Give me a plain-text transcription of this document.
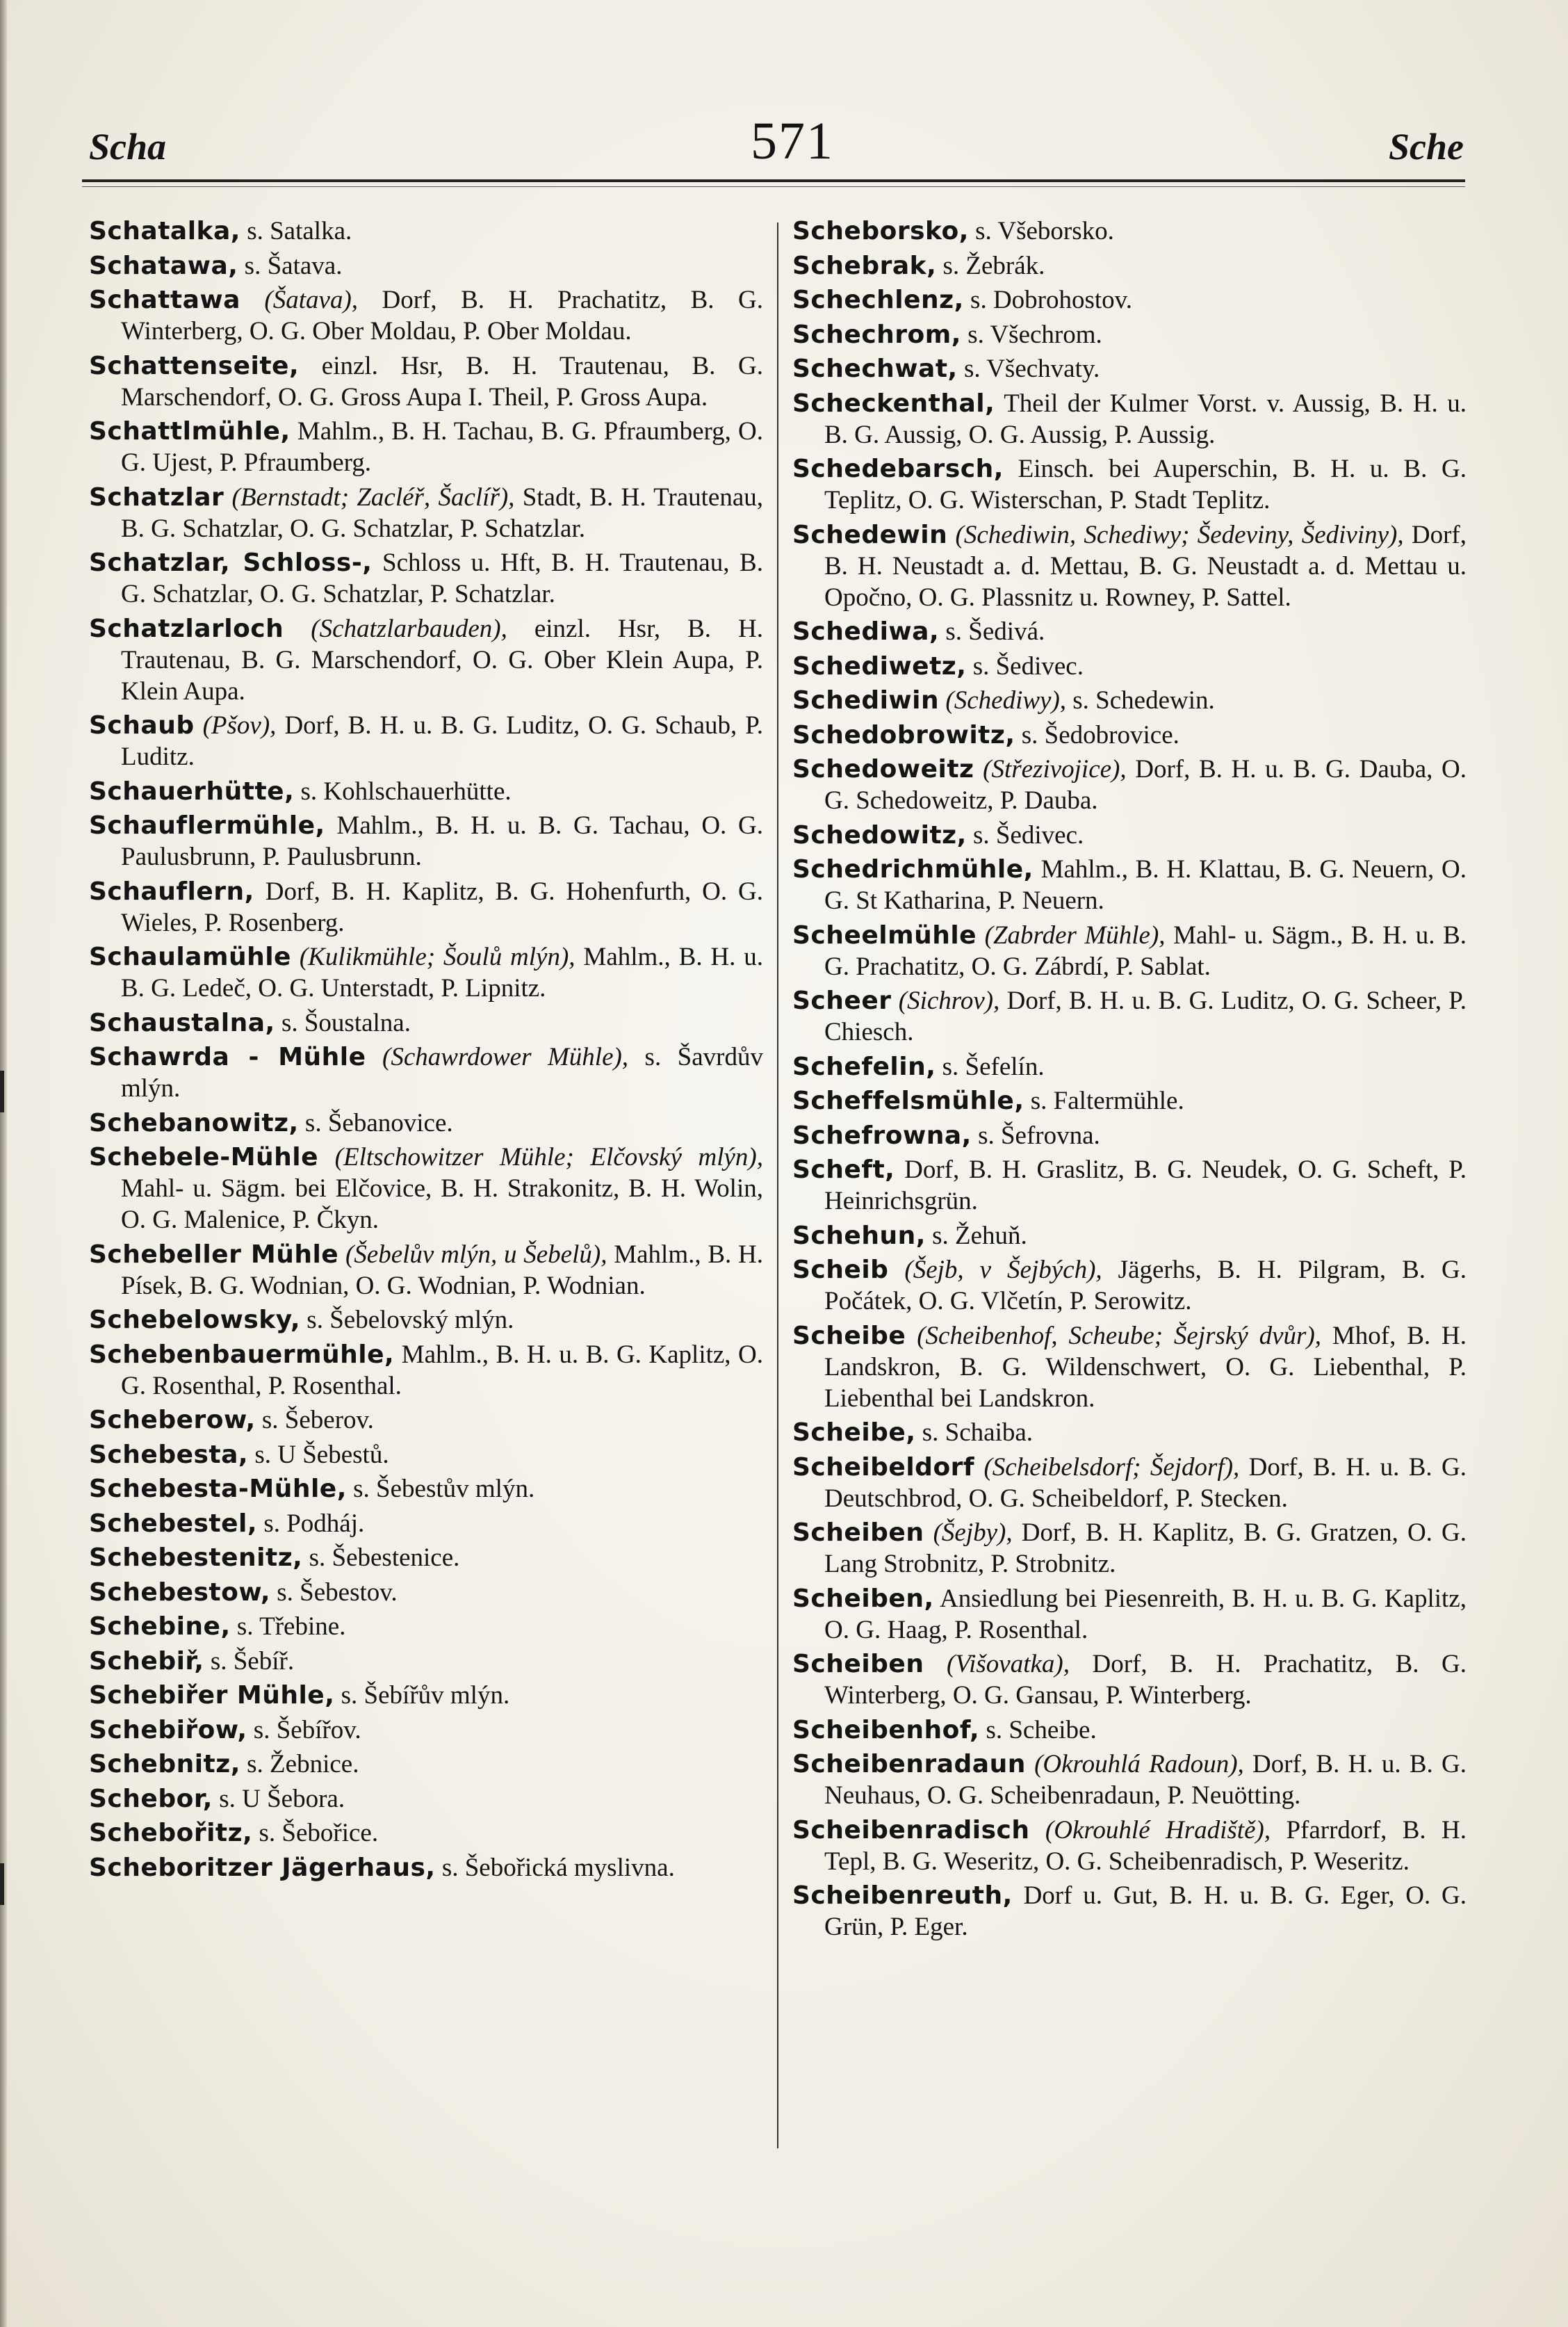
Scha	571	Sche
Schatalka, s. Satalka.
Schatawa, s. Šatava.
Schattawa (Šatava), Dorf, B. H. Prachatitz, B. G. Winterberg, O. G. Ober Moldau, P. Ober Moldau.
Schattenseite, einzl. Hsr, B. H. Trautenau, B. G. Marschendorf, O. G. Gross Aupa I. Theil, P. Gross Aupa.
Schattlmühle, Mahlm., B. H. Tachau, B. G. Pfraumberg, O. G. Ujest, P. Pfraumberg.
Schatzlar (Bernstadt; Zacléř, Šaclíř), Stadt, B. H. Trautenau, B. G. Schatzlar, O. G. Schatzlar, P. Schatzlar.
Schatzlar, Schloss-, Schloss u. Hft, B. H. Trautenau, B. G. Schatzlar, O. G. Schatzlar, P. Schatzlar.
Schatzlarloch (Schatzlarbauden), einzl. Hsr, B. H. Trautenau, B. G. Marschendorf, O. G. Ober Klein Aupa, P. Klein Aupa.
Schaub (Pšov), Dorf, B. H. u. B. G. Luditz, O. G. Schaub, P. Luditz.
Schauerhütte, s. Kohlschauerhütte.
Schauflermühle, Mahlm., B. H. u. B. G. Tachau, O. G. Paulusbrunn, P. Paulusbrunn.
Schauflern, Dorf, B. H. Kaplitz, B. G. Hohenfurth, O. G. Wieles, P. Rosenberg.
Schaulamühle (Kulikmühle; Šoulů mlýn), Mahlm., B. H. u. B. G. Ledeč, O. G. Unterstadt, P. Lipnitz.
Schaustalna, s. Šoustalna.
Schawrda - Mühle (Schawrdower Mühle), s. Šavrdův mlýn.
Schebanowitz, s. Šebanovice.
Schebele-Mühle (Eltschowitzer Mühle; Elčovský mlýn), Mahl- u. Sägm. bei Elčovice, B. H. Strakonitz, B. H. Wolin, O. G. Malenice, P. Čkyn.
Schebeller Mühle (Šebelův mlýn, u Šebelů), Mahlm., B. H. Písek, B. G. Wodnian, O. G. Wodnian, P. Wodnian.
Schebelowsky, s. Šebelovský mlýn.
Schebenbauermühle, Mahlm., B. H. u. B. G. Kaplitz, O. G. Rosenthal, P. Rosenthal.
Scheberow, s. Šeberov.
Schebesta, s. U Šebestů.
Schebesta-Mühle, s. Šebestův mlýn.
Schebestel, s. Podháj.
Schebestenitz, s. Šebestenice.
Schebestow, s. Šebestov.
Schebine, s. Třebine.
Schebiř, s. Šebíř.
Schebiřer Mühle, s. Šebířův mlýn.
Schebiřow, s. Šebířov.
Schebnitz, s. Žebnice.
Schebor, s. U Šebora.
Schebořitz, s. Šebořice.
Scheboritzer Jägerhaus, s. Šebořická myslivna.
Scheborsko, s. Všeborsko.
Schebrak, s. Žebrák.
Schechlenz, s. Dobrohostov.
Schechrom, s. Všechrom.
Schechwat, s. Všechvaty.
Scheckenthal, Theil der Kulmer Vorst. v. Aussig, B. H. u. B. G. Aussig, O. G. Aussig, P. Aussig.
Schedebarsch, Einsch. bei Auperschin, B. H. u. B. G. Teplitz, O. G. Wisterschan, P. Stadt Teplitz.
Schedewin (Schediwin, Schediwy; Šedeviny, Šediviny), Dorf, B. H. Neustadt a. d. Mettau, B. G. Neustadt a. d. Mettau u. Opočno, O. G. Plassnitz u. Rowney, P. Sattel.
Schediwa, s. Šedivá.
Schediwetz, s. Šedivec.
Schediwin (Schediwy), s. Schedewin.
Schedobrowitz, s. Šedobrovice.
Schedoweitz (Střezivojice), Dorf, B. H. u. B. G. Dauba, O. G. Schedoweitz, P. Dauba.
Schedowitz, s. Šedivec.
Schedrichmühle, Mahlm., B. H. Klattau, B. G. Neuern, O. G. St Katharina, P. Neuern.
Scheelmühle (Zabrder Mühle), Mahl- u. Sägm., B. H. u. B. G. Prachatitz, O. G. Zábrdí, P. Sablat.
Scheer (Sichrov), Dorf, B. H. u. B. G. Luditz, O. G. Scheer, P. Chiesch.
Schefelin, s. Šefelín.
Scheffelsmühle, s. Faltermühle.
Schefrowna, s. Šefrovna.
Scheft, Dorf, B. H. Graslitz, B. G. Neudek, O. G. Scheft, P. Heinrichsgrün.
Schehun, s. Žehuň.
Scheib (Šejb, v Šejbých), Jägerhs, B. H. Pilgram, B. G. Počátek, O. G. Vlčetín, P. Serowitz.
Scheibe (Scheibenhof, Scheube; Šejrský dvůr), Mhof, B. H. Landskron, B. G. Wildenschwert, O. G. Liebenthal, P. Liebenthal bei Landskron.
Scheibe, s. Schaiba.
Scheibeldorf (Scheibelsdorf; Šejdorf), Dorf, B. H. u. B. G. Deutschbrod, O. G. Scheibeldorf, P. Stecken.
Scheiben (Šejby), Dorf, B. H. Kaplitz, B. G. Gratzen, O. G. Lang Strobnitz, P. Strobnitz.
Scheiben, Ansiedlung bei Piesenreith, B. H. u. B. G. Kaplitz, O. G. Haag, P. Rosenthal.
Scheiben (Višovatka), Dorf, B. H. Prachatitz, B. G. Winterberg, O. G. Gansau, P. Winterberg.
Scheibenhof, s. Scheibe.
Scheibenradaun (Okrouhlá Radoun), Dorf, B. H. u. B. G. Neuhaus, O. G. Scheibenradaun, P. Neuötting.
Scheibenradisch (Okrouhlé Hradiště), Pfarrdorf, B. H. Tepl, B. G. Weseritz, O. G. Scheibenradisch, P. Weseritz.
Scheibenreuth, Dorf u. Gut, B. H. u. B. G. Eger, O. G. Grün, P. Eger.
